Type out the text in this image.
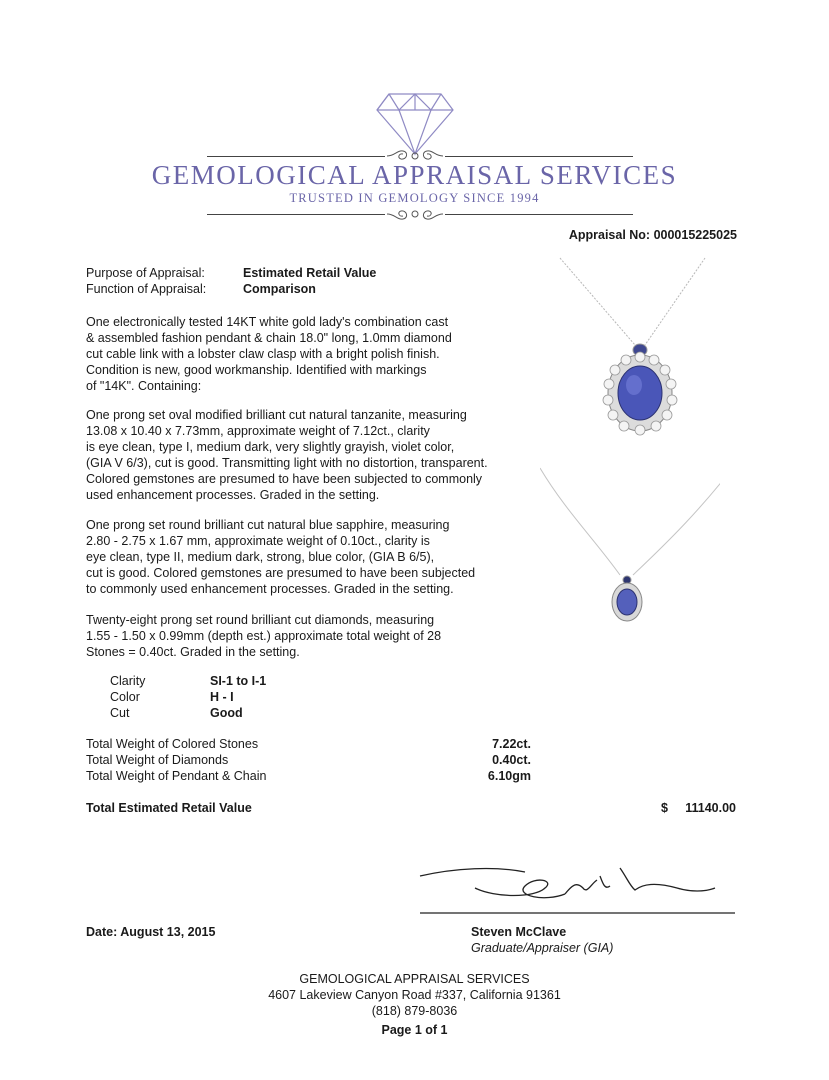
GEMOLOGICAL APPRAISAL SERVICES
TRUSTED IN GEMOLOGY SINCE 1994
Appraisal No: 000015225025
Purpose of Appraisal:	Estimated Retail Value
Function of Appraisal:	Comparison

One electronically tested 14KT white gold lady's combination cast

& assembled fashion pendant & chain 18.0" long, 1.0mm diamond

cut cable link with a lobster claw clasp with a bright polish finish.

Condition is new, good workmanship. Identified with markings

of "14K". Containing:

One prong set oval modified brilliant cut natural tanzanite, measuring

13.08 x 10.40 x 7.73mm, approximate weight of 7.12ct., clarity

is eye clean, type I, medium dark, very slightly grayish, violet color,

(GIA V 6/3), cut is good. Transmitting light with no distortion, transparent.

Colored gemstones are presumed to have been subjected to commonly

used enhancement processes. Graded in the setting.

One prong set round brilliant cut natural blue sapphire, measuring

2.80 - 2.75 x 1.67 mm, approximate weight of 0.10ct., clarity is

eye clean, type II, medium dark, strong, blue color, (GIA B 6/5),

cut is good. Colored gemstones are presumed to have been subjected

to commonly used enhancement processes. Graded in the setting.

Twenty-eight prong set round brilliant cut diamonds, measuring

1.55 - 1.50 x 0.99mm (depth est.) approximate total weight of 28

Stones = 0.40ct. Graded in the setting.

Clarity	SI-1 to I-1
Color	H - I
Cut	Good
Total Weight of Colored Stones	7.22ct.
Total Weight of Diamonds	0.40ct.
Total Weight of Pendant & Chain	6.10gm
Total Estimated Retail Value	$	11140.00
Date: August 13, 2015	Steven McClave
Graduate/Appraiser (GIA)
GEMOLOGICAL APPRAISAL SERVICES
4607 Lakeview Canyon Road #337, California 91361
(818) 879-8036
Page 1 of 1
